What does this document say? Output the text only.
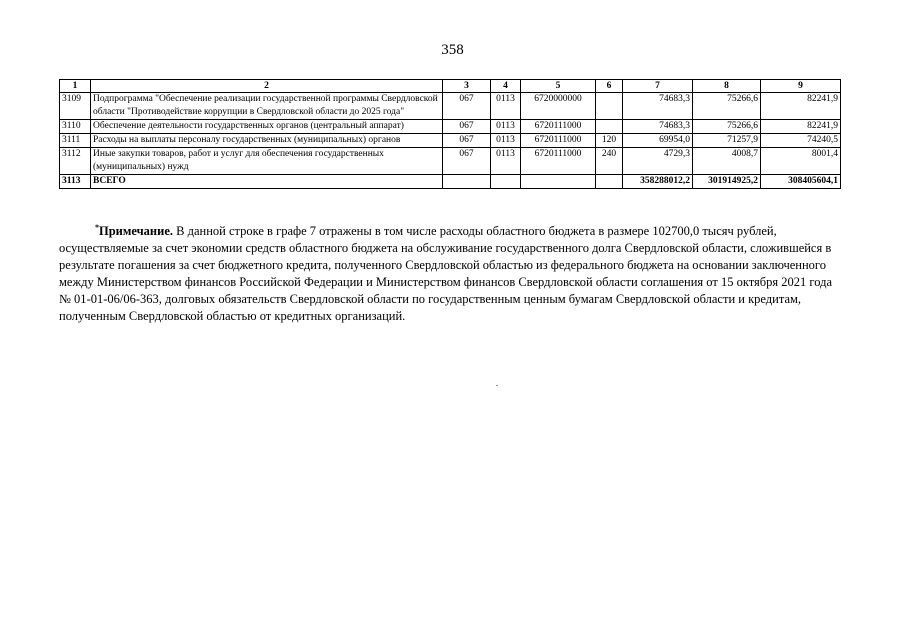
358
1	2	3	4	5	6	7	8	9
3109	Подпрограмма "Обеспечение реализации государственной программы Свердловской области "Противодействие коррупции в Свердловской области до 2025 года"	067	0113	6720000000		74683,3	75266,6	82241,9
3110	Обеспечение деятельности государственных органов (центральный аппарат)	067	0113	6720111000		74683,3	75266,6	82241,9
3111	Расходы на выплаты персоналу государственных (муниципальных) органов	067	0113	6720111000	120	69954,0	71257,9	74240,5
3112	Иные закупки товаров, работ и услуг для обеспечения государственных (муниципальных) нужд	067	0113	6720111000	240	4729,3	4008,7	8001,4
3113	ВСЕГО					358288012,2	301914925,2	308405604,1
*Примечание. В данной строке в графе 7 отражены в том числе расходы областного бюджета в размере 102700,0 тысяч рублей, осуществляемые за счет экономии средств областного бюджета на обслуживание государственного долга Свердловской области, сложившейся в результате погашения за счет бюджетного кредита, полученного Свердловской областью из федерального бюджета на основании заключенного между Министерством финансов Российской Федерации и Министерством финансов Свердловской области соглашения от 15 октября 2021 года № 01-01-06/06-363, долговых обязательств Свердловской области по государственным ценным бумагам Свердловской области и кредитам, полученным Свердловской областью от кредитных организаций.
